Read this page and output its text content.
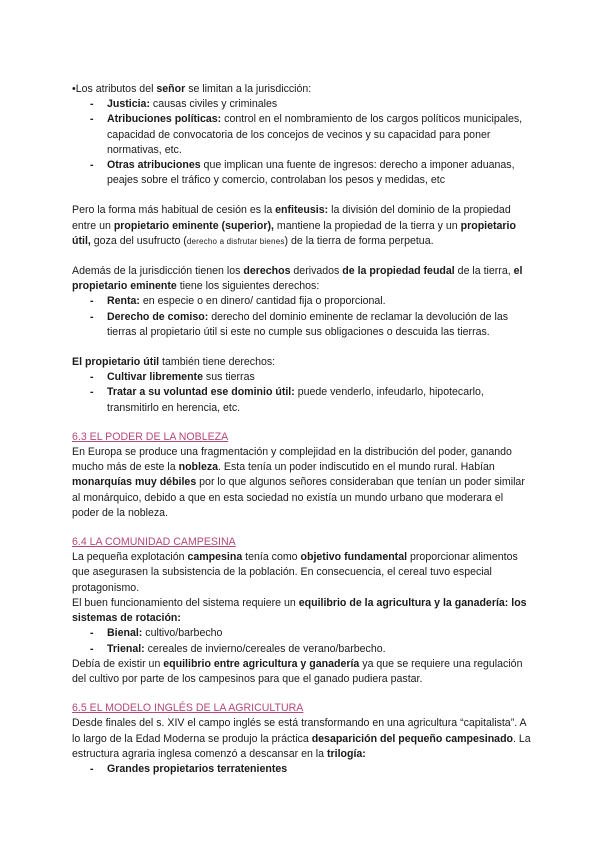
•Los atributos del señor se limitan a la jurisdicción:

- Justicia: causas civiles y criminales
- Atribuciones políticas: control en el nombramiento de los cargos políticos municipales, capacidad de convocatoria de los concejos de vecinos y su capacidad para poner normativas, etc.
- Otras atribuciones que implican una fuente de ingresos: derecho a imponer aduanas, peajes sobre el tráfico y comercio, controlaban los pesos y medidas, etc

Pero la forma más habitual de cesión es la enfiteusis: la división del dominio de la propiedad entre un propietario eminente (superior), mantiene la propiedad de la tierra y un propietario útil, goza del usufructo (derecho a disfrutar bienes) de la tierra de forma perpetua.

Además de la jurisdicción tienen los derechos derivados de la propiedad feudal de la tierra, el propietario eminente tiene los siguientes derechos:

- Renta: en especie o en dinero/ cantidad fija o proporcional.
- Derecho de comiso: derecho del dominio eminente de reclamar la devolución de las tierras al propietario útil si este no cumple sus obligaciones o descuida las tierras.

El propietario útil también tiene derechos:

- Cultivar libremente sus tierras
- Tratar a su voluntad ese dominio útil: puede venderlo, infeudarlo, hipotecarlo, transmitirlo en herencia, etc.
6.3 EL PODER DE LA NOBLEZA

En Europa se produce una fragmentación y complejidad en la distribución del poder, ganando mucho más de este la nobleza. Esta tenía un poder indiscutido en el mundo rural. Habían monarquías muy débiles por lo que algunos señores consideraban que tenían un poder similar al monárquico, debido a que en esta sociedad no existía un mundo urbano que moderara el poder de la nobleza.

6.4 LA COMUNIDAD CAMPESINA

La pequeña explotación campesina tenía como objetivo fundamental proporcionar alimentos que asegurasen la subsistencia de la población. En consecuencia, el cereal tuvo especial protagonismo.

El buen funcionamiento del sistema requiere un equilibrio de la agricultura y la ganadería: los sistemas de rotación:

- Bienal: cultivo/barbecho
- Trienal: cereales de invierno/cereales de verano/barbecho.

Debía de existir un equilibrio entre agricultura y ganadería ya que se requiere una regulación del cultivo por parte de los campesinos para que el ganado pudiera pastar.

6.5 EL MODELO INGLÉS DE LA AGRICULTURA

Desde finales del s. XIV el campo inglés se está transformando en una agricultura “capitalista”. A lo largo de la Edad Moderna se produjo la práctica desaparición del pequeño campesinado. La estructura agraria inglesa comenzó a descansar en la trilogía:

- Grandes propietarios terratenientes
